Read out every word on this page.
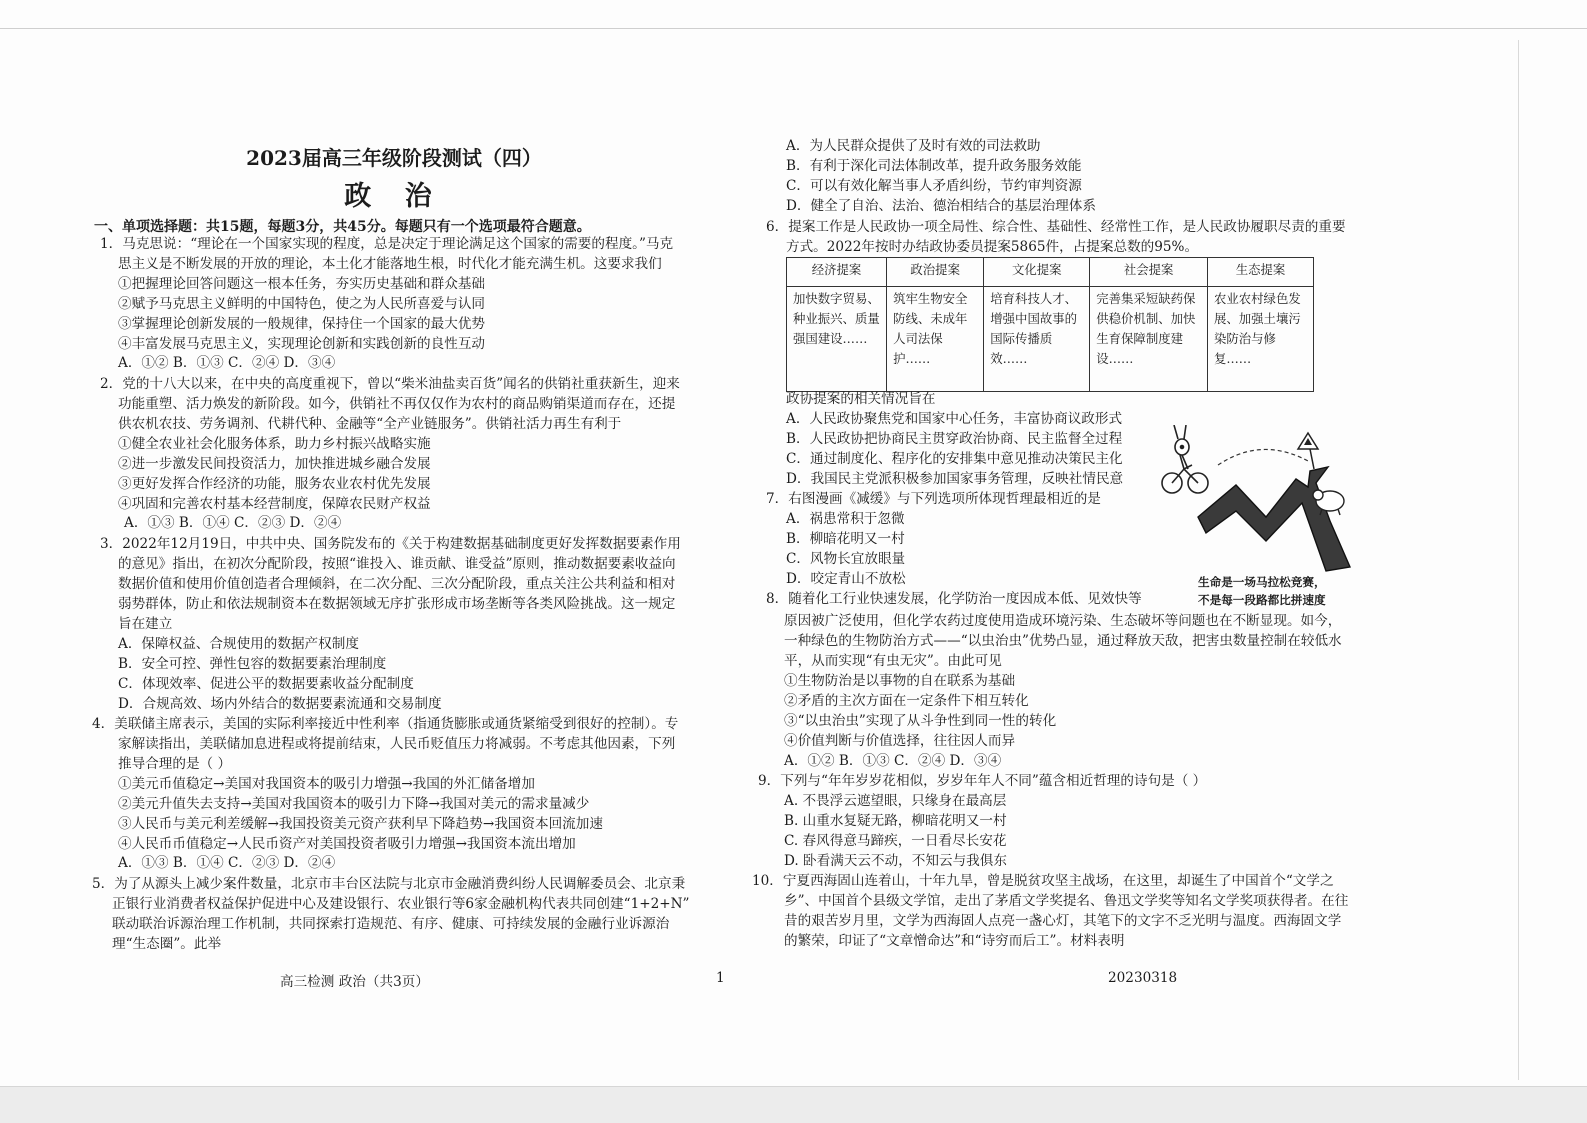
2023届高三年级阶段测试（四）
政 治
一、单项选择题：共15题，每题3分，共45分。每题只有一个选项最符合题意。
1．马克思说：“理论在一个国家实现的程度，总是决定于理论满足这个国家的需要的程度。”马克
思主义是不断发展的开放的理论，本土化才能落地生根，时代化才能充满生机。这要求我们
①把握理论回答问题这一根本任务，夯实历史基础和群众基础
②赋予马克思主义鲜明的中国特色，使之为人民所喜爱与认同
③掌握理论创新发展的一般规律，保持住一个国家的最大优势
④丰富发展马克思主义，实现理论创新和实践创新的良性互动
A．①② B．①③ C．②④ D．③④
2．党的十八大以来，在中央的高度重视下，曾以“柴米油盐卖百货”闻名的供销社重获新生，迎来
功能重塑、活力焕发的新阶段。如今，供销社不再仅仅作为农村的商品购销渠道而存在，还提
供农机农技、劳务调剂、代耕代种、金融等“全产业链服务”。供销社活力再生有利于
①健全农业社会化服务体系，助力乡村振兴战略实施
②进一步激发民间投资活力，加快推进城乡融合发展
③更好发挥合作经济的功能，服务农业农村优先发展
④巩固和完善农村基本经营制度，保障农民财产权益
A．①③ B．①④ C．②③ D．②④
3．2022年12月19日，中共中央、国务院发布的《关于构建数据基础制度更好发挥数据要素作用
的意见》指出，在初次分配阶段，按照“谁投入、谁贡献、谁受益”原则，推动数据要素收益向
数据价值和使用价值创造者合理倾斜，在二次分配、三次分配阶段，重点关注公共利益和相对
弱势群体，防止和依法规制资本在数据领域无序扩张形成市场垄断等各类风险挑战。这一规定
旨在建立
A．保障权益、合规使用的数据产权制度
B．安全可控、弹性包容的数据要素治理制度
C．体现效率、促进公平的数据要素收益分配制度
D．合规高效、场内外结合的数据要素流通和交易制度
4．美联储主席表示，美国的实际利率接近中性利率（指通货膨胀或通货紧缩受到很好的控制）。专
家解读指出，美联储加息进程或将提前结束，人民币贬值压力将减弱。不考虑其他因素，下列
推导合理的是（ ）
①美元币值稳定→美国对我国资本的吸引力增强→我国的外汇储备增加
②美元升值失去支持→美国对我国资本的吸引力下降→我国对美元的需求量减少
③人民币与美元利差缓解→我国投资美元资产获利早下降趋势→我国资本回流加速
④人民币币值稳定→人民币资产对美国投资者吸引力增强→我国资本流出增加
A．①③ B．①④ C．②③ D．②④
5．为了从源头上减少案件数量，北京市丰台区法院与北京市金融消费纠纷人民调解委员会、北京秉
正银行业消费者权益保护促进中心及建设银行、农业银行等6家金融机构代表共同创建“1+2+N”
联动联治诉源治理工作机制，共同探索打造规范、有序、健康、可持续发展的金融行业诉源治
理“生态圈”。此举
A．为人民群众提供了及时有效的司法救助
B．有利于深化司法体制改革，提升政务服务效能
C．可以有效化解当事人矛盾纠纷，节约审判资源
D．健全了自治、法治、德治相结合的基层治理体系
6．提案工作是人民政协一项全局性、综合性、基础性、经常性工作，是人民政协履职尽责的重要
方式。2022年按时办结政协委员提案5865件，占提案总数的95%。
经济提案	政治提案	文化提案	社会提案	生态提案
加快数字贸易、种业振兴、质量强国建设……	筑牢生物安全防线、未成年人司法保护……	培育科技人才、增强中国故事的国际传播质效……	完善集采短缺药保供稳价机制、加快生育保障制度建设……	农业农村绿色发展、加强土壤污染防治与修复……
政协提案的相关情况旨在
A．人民政协聚焦党和国家中心任务，丰富协商议政形式
B．人民政协把协商民主贯穿政治协商、民主监督全过程
C．通过制度化、程序化的安排集中意见推动决策民主化
D．我国民主党派积极参加国家事务管理，反映社情民意
7．右图漫画《减缓》与下列选项所体现哲理最相近的是
A．祸患常积于忽微
B．柳暗花明又一村
C．风物长宜放眼量
D．咬定青山不放松
8．随着化工行业快速发展，化学防治一度因成本低、见效快等
原因被广泛使用，但化学农药过度使用造成环境污染、生态破坏等问题也在不断显现。如今，
一种绿色的生物防治方式——“以虫治虫”优势凸显，通过释放天敌，把害虫数量控制在较低水
平，从而实现“有虫无灾”。由此可见
①生物防治是以事物的自在联系为基础
②矛盾的主次方面在一定条件下相互转化
③“以虫治虫”实现了从斗争性到同一性的转化
④价值判断与价值选择，往往因人而异
A．①② B．①③ C．②④ D．③④
9．下列与“年年岁岁花相似，岁岁年年人不同”蕴含相近哲理的诗句是（ ）
A. 不畏浮云遮望眼，只缘身在最高层
B. 山重水复疑无路，柳暗花明又一村
C. 春风得意马蹄疾，一日看尽长安花
D. 卧看满天云不动，不知云与我俱东
10．宁夏西海固山连着山，十年九旱，曾是脱贫攻坚主战场，在这里，却诞生了中国首个“文学之
乡”、中国首个县级文学馆，走出了茅盾文学奖提名、鲁迅文学奖等知名文学奖项获得者。在往
昔的艰苦岁月里，文学为西海固人点亮一盏心灯，其笔下的文字不乏光明与温度。西海固文学
的繁荣，印证了“文章憎命达”和“诗穷而后工”。材料表明
生命是一场马拉松竞赛，
不是每一段路都比拼速度
高三检测 政治（共3页）	1	20230318
